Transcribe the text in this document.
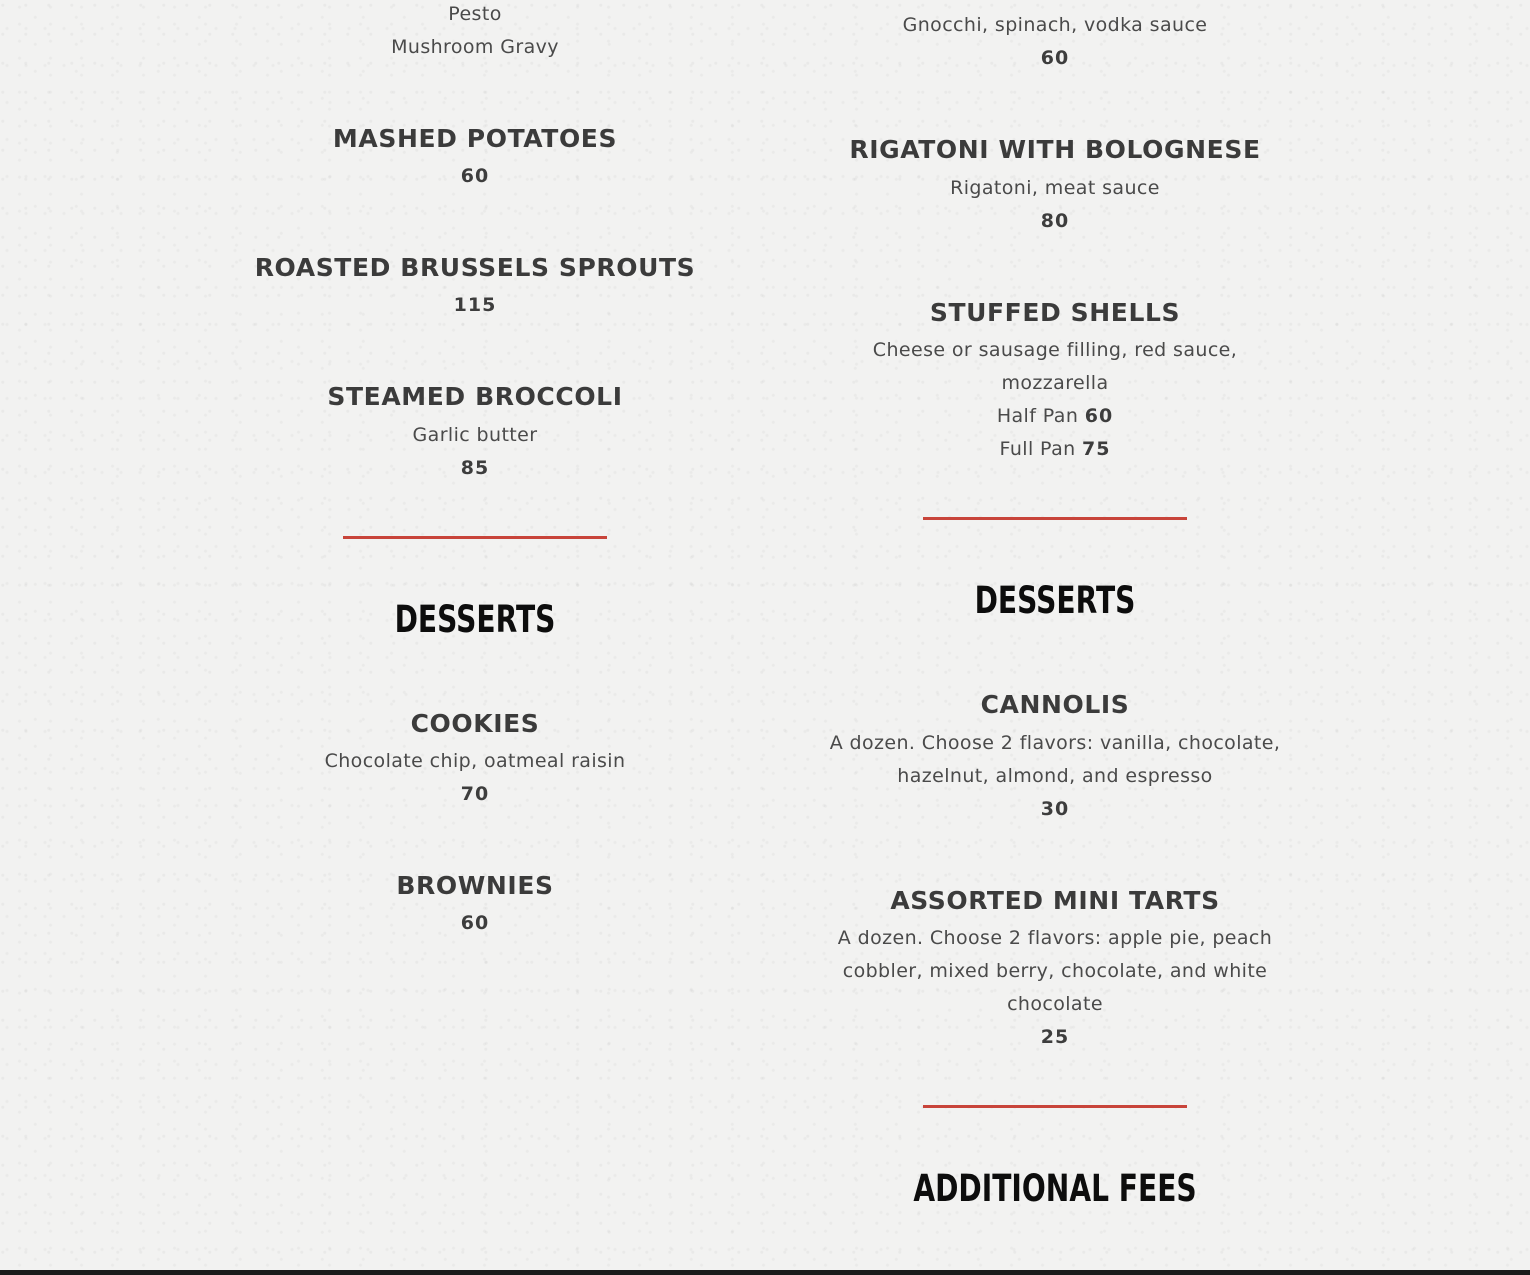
Pesto

Mushroom Gravy

MASHED POTATOES

60

ROASTED BRUSSELS SPROUTS

115

STEAMED BROCCOLI

Garlic butter

85

DESSERTS
COOKIES

Chocolate chip, oatmeal raisin

70

BROWNIES

60

Gnocchi, spinach, vodka sauce

60

RIGATONI WITH BOLOGNESE

Rigatoni, meat sauce

80

STUFFED SHELLS

Cheese or sausage filling, red sauce,

mozzarella

Half Pan 60

Full Pan 75

DESSERTS
CANNOLIS

A dozen. Choose 2 flavors: vanilla, chocolate,

hazelnut, almond, and espresso

30

ASSORTED MINI TARTS

A dozen. Choose 2 flavors: apple pie, peach

cobbler, mixed berry, chocolate, and white

chocolate

25

ADDITIONAL FEES
